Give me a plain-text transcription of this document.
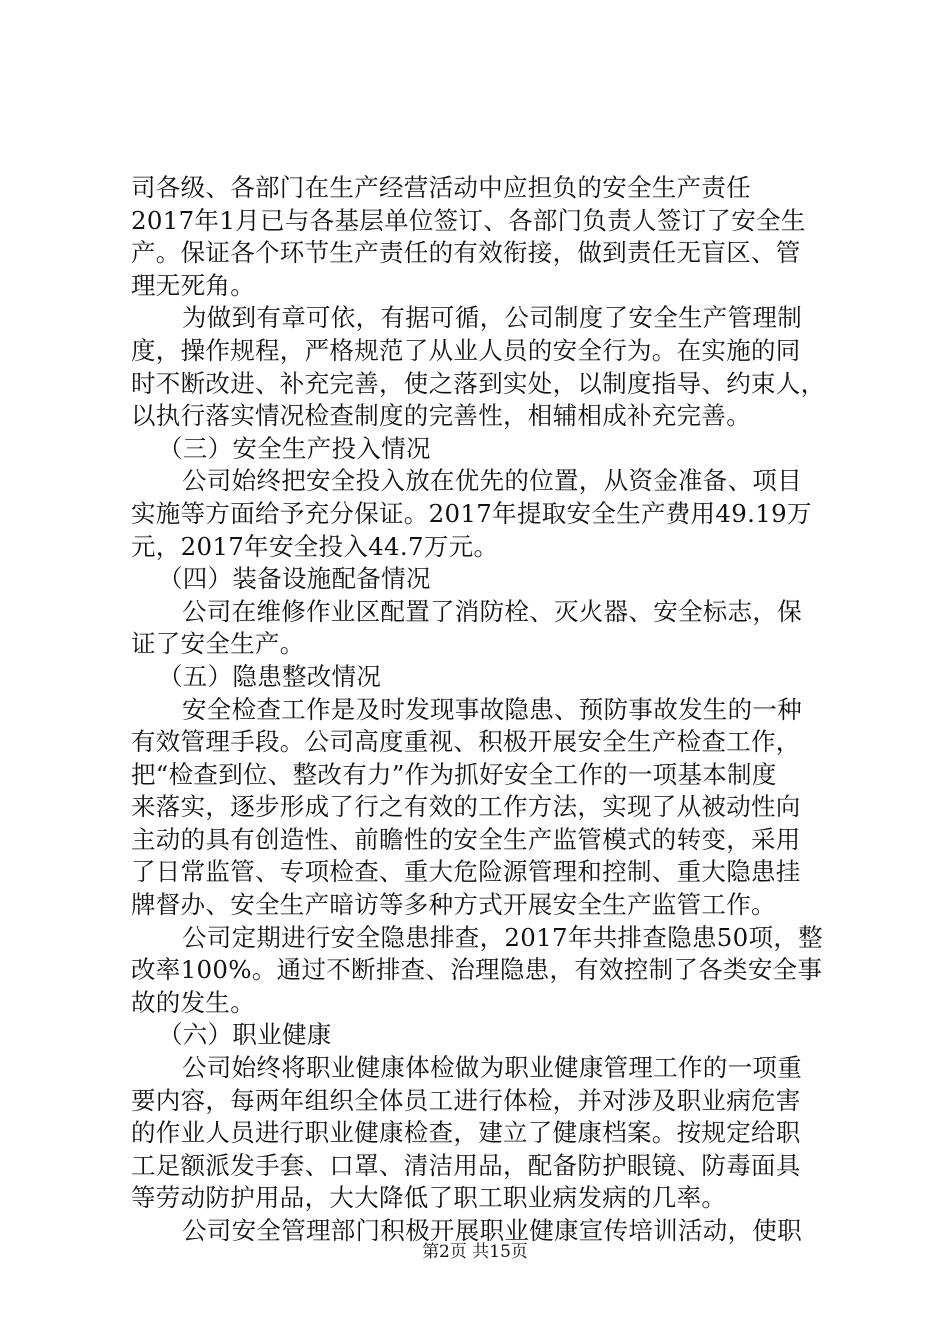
司各级、各部门在生产经营活动中应担负的安全生产责任
2017年1月已与各基层单位签订、各部门负责人签订了安全生
产。保证各个环节生产责任的有效衔接，做到责任无盲区、管
理无死角。
为做到有章可依，有据可循，公司制度了安全生产管理制
度，操作规程，严格规范了从业人员的安全行为。在实施的同
时不断改进、补充完善，使之落到实处，以制度指导、约束人，
以执行落实情况检查制度的完善性，相辅相成补充完善。
（三）安全生产投入情况
公司始终把安全投入放在优先的位置，从资金准备、项目
实施等方面给予充分保证。2017年提取安全生产费用49.19万
元，2017年安全投入44.7万元。
（四）装备设施配备情况
公司在维修作业区配置了消防栓、灭火器、安全标志，保
证了安全生产。
（五）隐患整改情况
安全检查工作是及时发现事故隐患、预防事故发生的一种
有效管理手段。公司高度重视、积极开展安全生产检查工作，
把“检查到位、整改有力”作为抓好安全工作的一项基本制度
来落实，逐步形成了行之有效的工作方法，实现了从被动性向
主动的具有创造性、前瞻性的安全生产监管模式的转变，采用
了日常监管、专项检查、重大危险源管理和控制、重大隐患挂
牌督办、安全生产暗访等多种方式开展安全生产监管工作。
公司定期进行安全隐患排查，2017年共排查隐患50项，整
改率100%。通过不断排查、治理隐患，有效控制了各类安全事
故的发生。
（六）职业健康
公司始终将职业健康体检做为职业健康管理工作的一项重
要内容，每两年组织全体员工进行体检，并对涉及职业病危害
的作业人员进行职业健康检查，建立了健康档案。按规定给职
工足额派发手套、口罩、清洁用品，配备防护眼镜、防毒面具
等劳动防护用品，大大降低了职工职业病发病的几率。
公司安全管理部门积极开展职业健康宣传培训活动，使职
第2页 共15页
